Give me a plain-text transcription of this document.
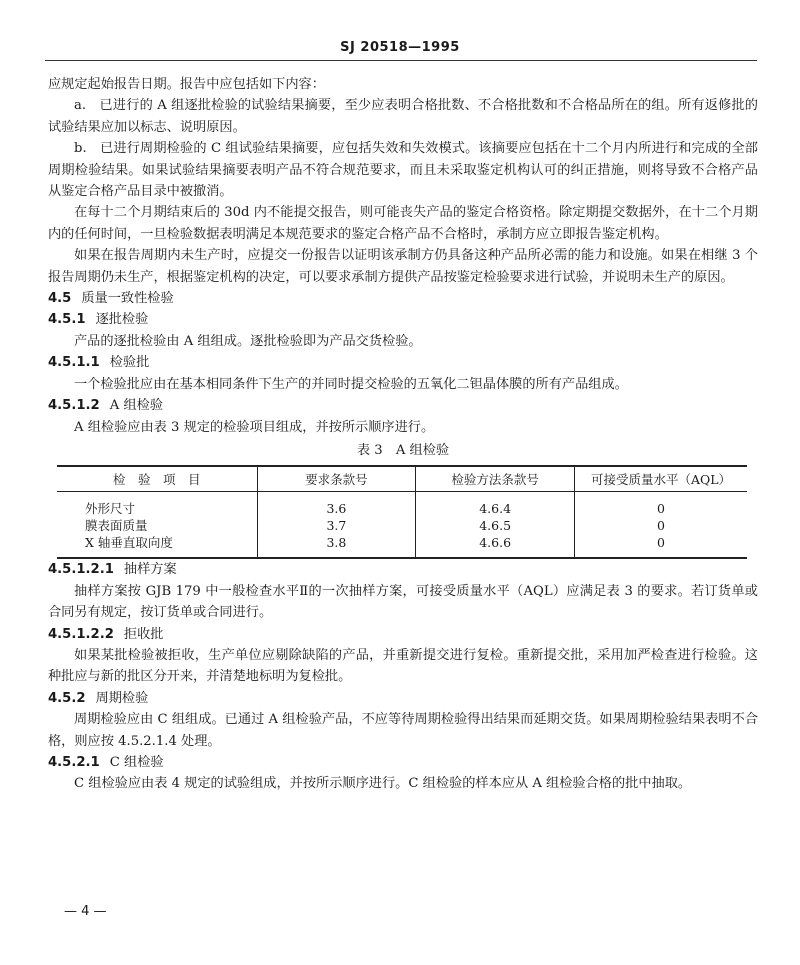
SJ 20518—1995

应规定起始报告日期。报告中应包括如下内容：

a.　已进行的 A 组逐批检验的试验结果摘要，至少应表明合格批数、不合格批数和不合格品所在的组。所有返修批的试验结果应加以标志、说明原因。

b.　已进行周期检验的 C 组试验结果摘要，应包括失效和失效模式。该摘要应包括在十二个月内所进行和完成的全部周期检验结果。如果试验结果摘要表明产品不符合规范要求，而且未采取鉴定机构认可的纠正措施，则将导致不合格产品从鉴定合格产品目录中被撤消。

在每十二个月期结束后的 30d 内不能提交报告，则可能丧失产品的鉴定合格资格。除定期提交数据外，在十二个月期内的任何时间，一旦检验数据表明满足本规范要求的鉴定合格产品不合格时，承制方应立即报告鉴定机构。

如果在报告周期内未生产时，应提交一份报告以证明该承制方仍具备这种产品所必需的能力和设施。如果在相继 3 个报告周期仍未生产，根据鉴定机构的决定，可以要求承制方提供产品按鉴定检验要求进行试验，并说明未生产的原因。

4.5 质量一致性检验

4.5.1 逐批检验

产品的逐批检验由 A 组组成。逐批检验即为产品交货检验。

4.5.1.1 检验批

一个检验批应由在基本相同条件下生产的并同时提交检验的五氧化二钽晶体膜的所有产品组成。

4.5.1.2 A 组检验

A 组检验应由表 3 规定的检验项目组成，并按所示顺序进行。

表 3　A 组检验

检　验　项　目	要求条款号	检验方法条款号	可接受质量水平（AQL）
外形尺寸	3.6	4.6.4	0
膜表面质量	3.7	4.6.5	0
X 轴垂直取向度	3.8	4.6.6	0

4.5.1.2.1 抽样方案

抽样方案按 GJB 179 中一般检查水平Ⅱ的一次抽样方案，可接受质量水平（AQL）应满足表 3 的要求。若订货单或合同另有规定，按订货单或合同进行。

4.5.1.2.2 拒收批

如果某批检验被拒收，生产单位应剔除缺陷的产品，并重新提交进行复检。重新提交批，采用加严检查进行检验。这种批应与新的批区分开来，并清楚地标明为复检批。

4.5.2 周期检验

周期检验应由 C 组组成。已通过 A 组检验产品，不应等待周期检验得出结果而延期交货。如果周期检验结果表明不合格，则应按 4.5.2.1.4 处理。

4.5.2.1 C 组检验

C 组检验应由表 4 规定的试验组成，并按所示顺序进行。C 组检验的样本应从 A 组检验合格的批中抽取。

— 4 —
